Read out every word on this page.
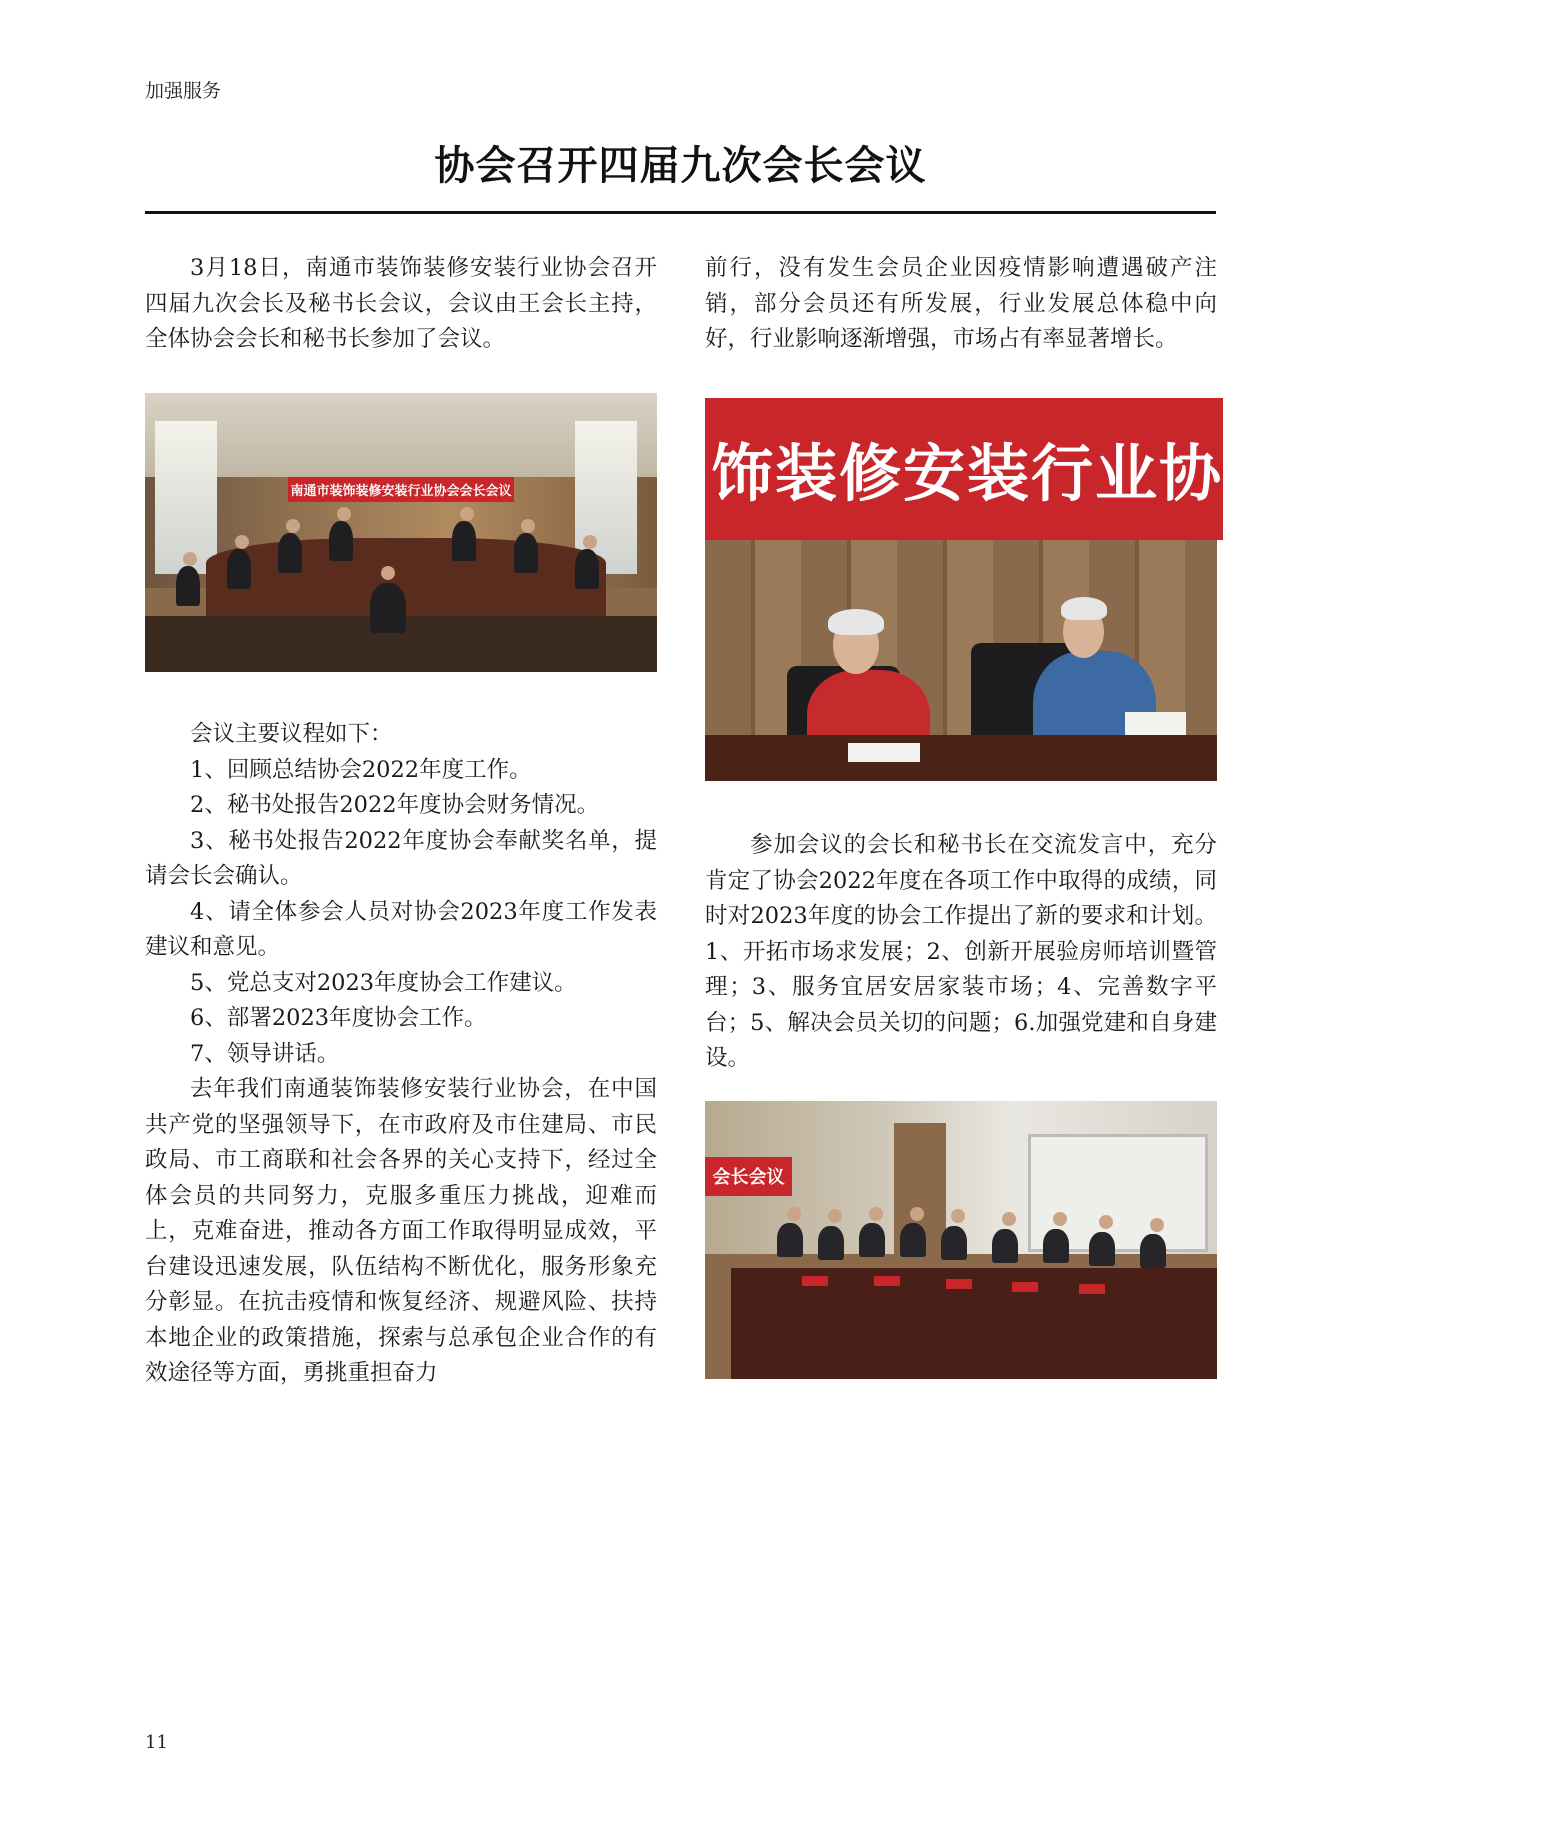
加强服务
协会召开四届九次会长会议

3月18日，南通市装饰装修安装行业协会召开四届九次会长及秘书长会议，会议由王会长主持，全体协会会长和秘书长参加了会议。

南通市装饰装修安装行业协会会长会议

会议主要议程如下：

1、回顾总结协会2022年度工作。

2、秘书处报告2022年度协会财务情况。

3、秘书处报告2022年度协会奉献奖名单，提请会长会确认。

4、请全体参会人员对协会2023年度工作发表建议和意见。

5、党总支对2023年度协会工作建议。

6、部署2023年度协会工作。

7、领导讲话。

去年我们南通装饰装修安装行业协会，在中国共产党的坚强领导下，在市政府及市住建局、市民政局、市工商联和社会各界的关心支持下，经过全体会员的共同努力，克服多重压力挑战，迎难而上，克难奋进，推动各方面工作取得明显成效，平台建设迅速发展，队伍结构不断优化，服务形象充分彰显。在抗击疫情和恢复经济、规避风险、扶持本地企业的政策措施，探索与总承包企业合作的有效途径等方面，勇挑重担奋力

前行，没有发生会员企业因疫情影响遭遇破产注销，部分会员还有所发展，行业发展总体稳中向好，行业影响逐渐增强，市场占有率显著增长。

饰装修安装行业协会会长会议

参加会议的会长和秘书长在交流发言中，充分肯定了协会2022年度在各项工作中取得的成绩，同时对2023年度的协会工作提出了新的要求和计划。1、开拓市场求发展；2、创新开展验房师培训暨管理；3、服务宜居安居家装市场；4、完善数字平台；5、解决会员关切的问题；6.加强党建和自身建设。

会长会议
11
